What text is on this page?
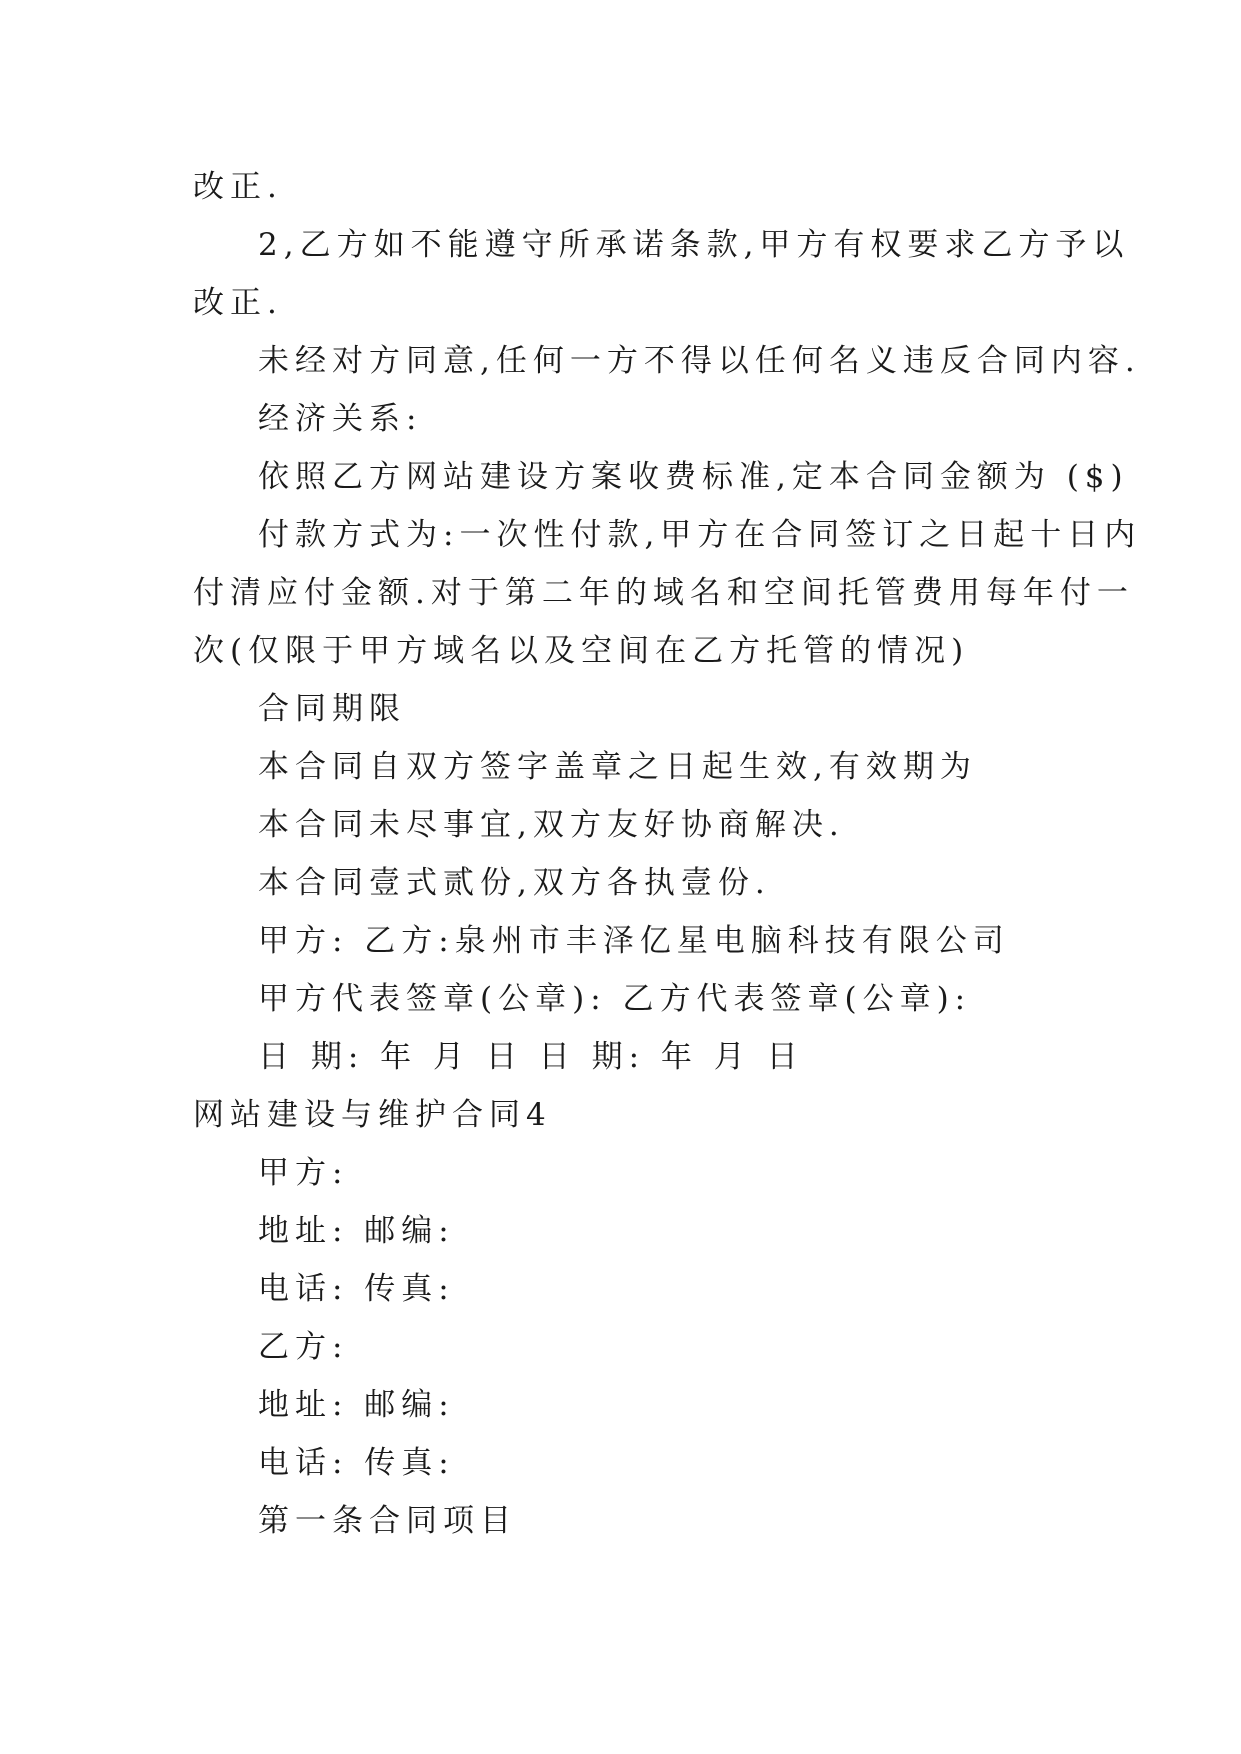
改正.
2,乙方如不能遵守所承诺条款,甲方有权要求乙方予以
改正.
未经对方同意,任何一方不得以任何名义违反合同内容.
经济关系:
依照乙方网站建设方案收费标准,定本合同金额为 ($)
付款方式为:一次性付款,甲方在合同签订之日起十日内
付清应付金额.对于第二年的域名和空间托管费用每年付一
次(仅限于甲方域名以及空间在乙方托管的情况)
合同期限
本合同自双方签字盖章之日起生效,有效期为
本合同未尽事宜,双方友好协商解决.
本合同壹式贰份,双方各执壹份.
甲方: 乙方:泉州市丰泽亿星电脑科技有限公司
甲方代表签章(公章): 乙方代表签章(公章):
日 期: 年 月 日 日 期: 年 月 日
网站建设与维护合同4
甲方:
地址: 邮编:
电话: 传真:
乙方:
地址: 邮编:
电话: 传真:
第一条合同项目
